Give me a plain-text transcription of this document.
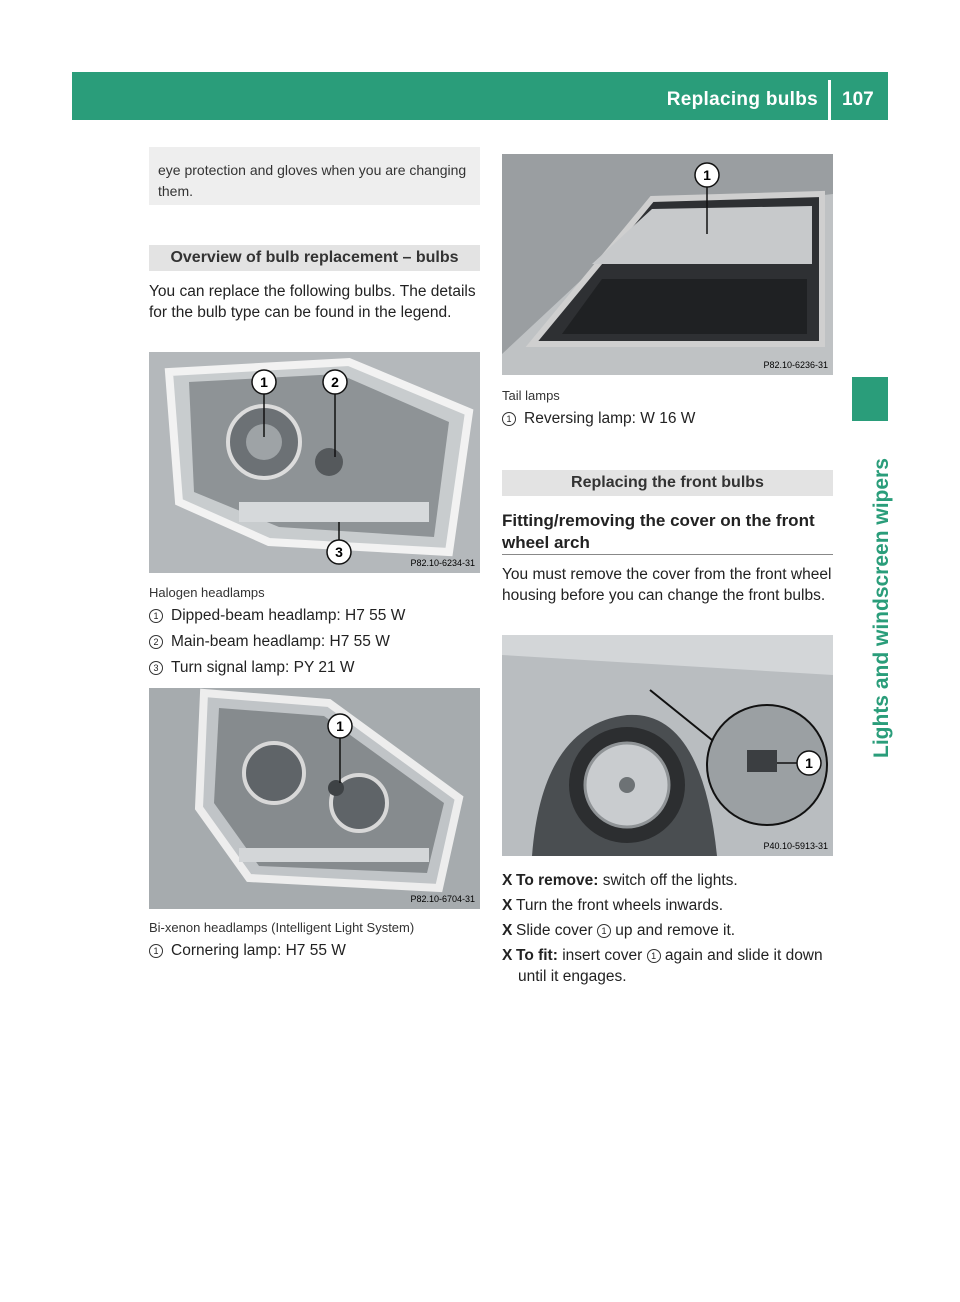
Replacing bulbs 107
Lights and windscreen wipers
eye protection and gloves when you are changing them.
Overview of bulb replacement – bulbs
You can replace the following bulbs. The details for the bulb type can be found in the legend.
1	2
3
P82.10-6234-31
Halogen headlamps
1 Dipped-beam headlamp: H7 55 W
2 Main-beam headlamp: H7 55 W
3 Turn signal lamp: PY 21 W
1
P82.10-6704-31
Bi-xenon headlamps (Intelligent Light System)
1 Cornering lamp: H7 55 W
1
P82.10-6236-31
Tail lamps
1 Reversing lamp: W 16 W
Replacing the front bulbs
Fitting/removing the cover on the front wheel arch
You must remove the cover from the front wheel housing before you can change the front bulbs.
1
P40.10-5913-31
X To remove: switch off the lights.
X Turn the front wheels inwards.
X Slide cover 1 up and remove it.
X To fit: insert cover 1 again and slide it down until it engages.
